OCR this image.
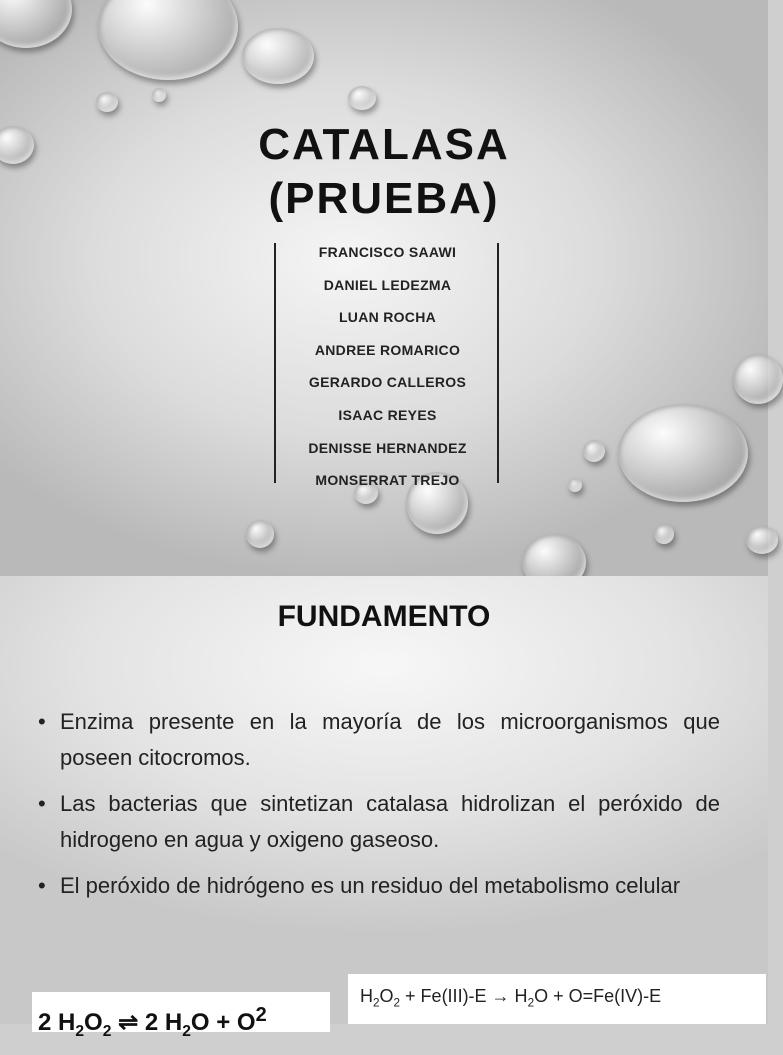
CATALASA
(PRUEBA)
FRANCISCO SAAWI
DANIEL LEDEZMA
LUAN ROCHA
ANDREE ROMARICO
GERARDO CALLEROS
ISAAC REYES
DENISSE HERNANDEZ
MONSERRAT TREJO
FUNDAMENTO
• Enzima presente en la mayoría de los microorganismos que poseen citocromos.
• Las bacterias que sintetizan catalasa hidrolizan el peróxido de hidrogeno en agua y oxigeno gaseoso.
• El peróxido de hidrógeno es un residuo del metabolismo celular
2 $H_2O_2$ ⇌ 2 $H_2O + O^2$
$H_2O_2 + Fe(III)-E \to H_2O + O=Fe(IV)-E$
